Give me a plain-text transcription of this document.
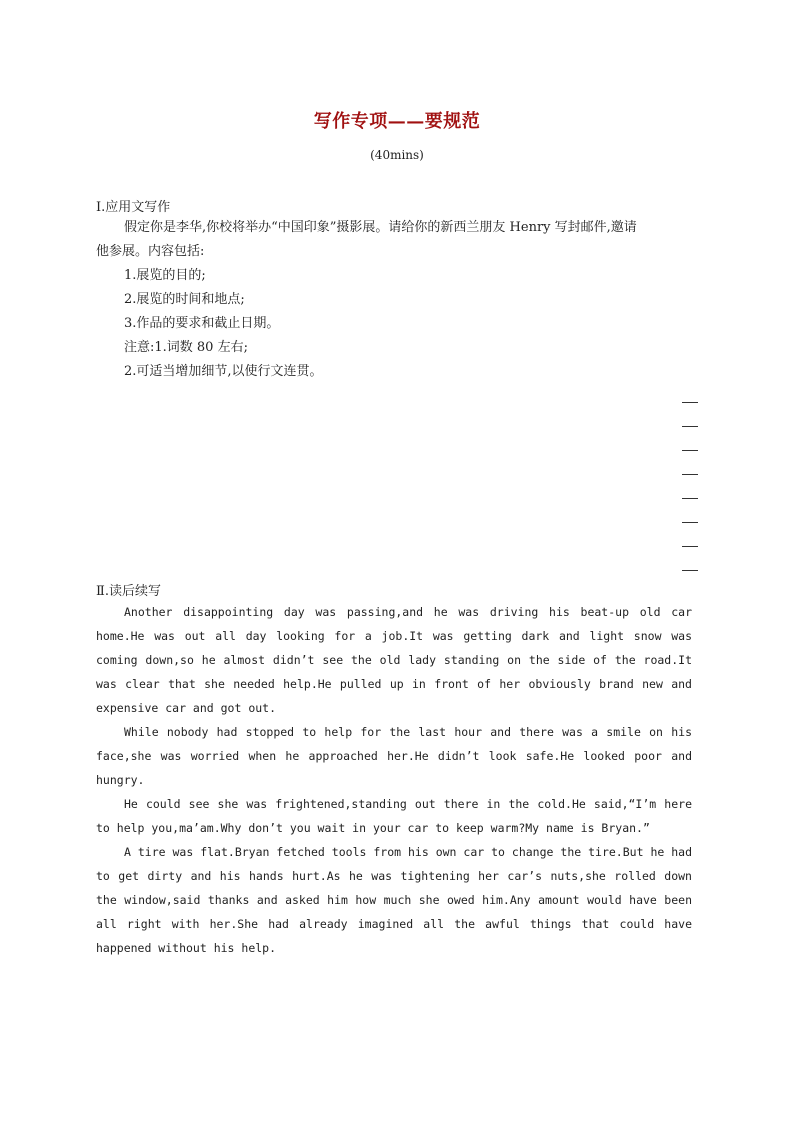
写作专项——要规范
(40mins)
Ⅰ.应用文写作
假定你是李华,你校将举办“中国印象”摄影展。请给你的新西兰朋友 Henry 写封邮件,邀请
他参展。内容包括:
1.展览的目的;
2.展览的时间和地点;
3.作品的要求和截止日期。
注意:1.词数 80 左右;
2.可适当增加细节,以使行文连贯。
Ⅱ.读后续写

Another disappointing day was passing,and he was driving his beat-up old car home.He was out all day looking for a job.It was getting dark and light snow was coming down,so he almost didn’t see the old lady standing on the side of the road.It was clear that she needed help.He pulled up in front of her obviously brand new and expensive car and got out.

While nobody had stopped to help for the last hour and there was a smile on his face,she was worried when he approached her.He didn’t look safe.He looked poor and hungry.

He could see she was frightened,standing out there in the cold.He said,“I’m here to help you,ma’am.Why don’t you wait in your car to keep warm?My name is Bryan.”

A tire was flat.Bryan fetched tools from his own car to change the tire.But he had to get dirty and his hands hurt.As he was tightening her car’s nuts,she rolled down the window,said thanks and asked him how much she owed him.Any amount would have been all right with her.She had already imagined all the awful things that could have happened without his help.
